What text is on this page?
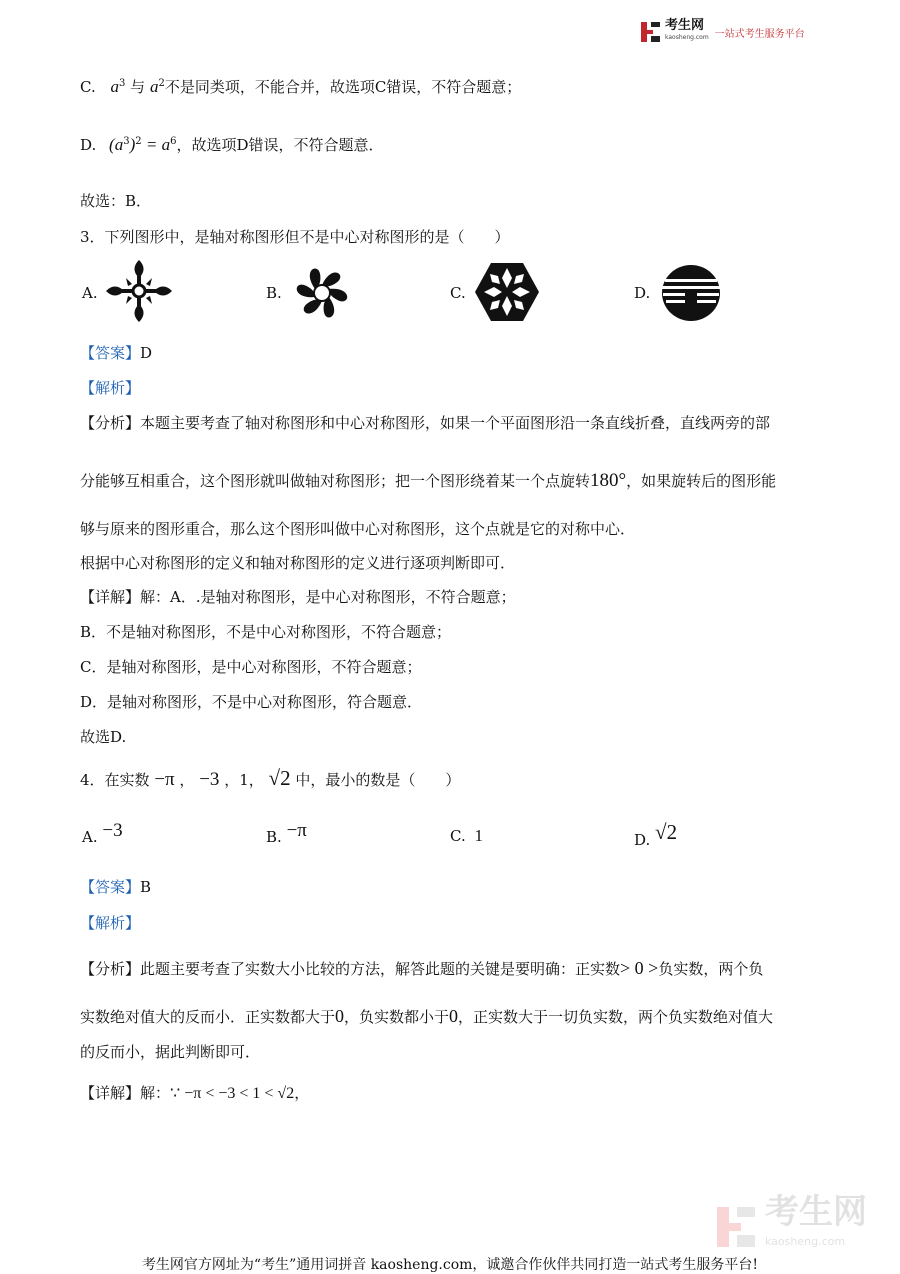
考生网
kaosheng.com 一站式考生服务平台
C. $a^3$ 与 $a^2$不是同类项，不能合并，故选项C错误，不符合题意；
D. $(a^3)^2 = a^6$，故选项D错误，不符合题意．
故选：B．
3．下列图形中，是轴对称图形但不是中心对称图形的是（　　）
A.	B.	C.	D.
【答案】D
【解析】
【分析】本题主要考查了轴对称图形和中心对称图形，如果一个平面图形沿一条直线折叠，直线两旁的部
分能够互相重合，这个图形就叫做轴对称图形；把一个图形绕着某一个点旋转180°，如果旋转后的图形能
够与原来的图形重合，那么这个图形叫做中心对称图形，这个点就是它的对称中心．
根据中心对称图形的定义和轴对称图形的定义进行逐项判断即可．
【详解】解：A．.是轴对称图形，是中心对称图形，不符合题意；
B．不是轴对称图形，不是中心对称图形，不符合题意；
C．是轴对称图形，是中心对称图形，不符合题意；
D．是轴对称图形，不是中心对称图形，符合题意．
故选D.
4．在实数 −π ， −3 ，1， √2 中，最小的数是（　　）
A. −3	B. −π	C. 1	D. √2
【答案】B
【解析】
【分析】此题主要考查了实数大小比较的方法，解答此题的关键是要明确：正实数> 0 >负实数，两个负
实数绝对值大的反而小．正实数都大于0，负实数都小于0，正实数大于一切负实数，两个负实数绝对值大
的反而小，据此判断即可．
【详解】解：∵ −π < −3 < 1 < √2，
考生网
kaosheng.com
考生网官方网址为“考生”通用词拼音 kaosheng.com，诚邀合作伙伴共同打造一站式考生服务平台!
